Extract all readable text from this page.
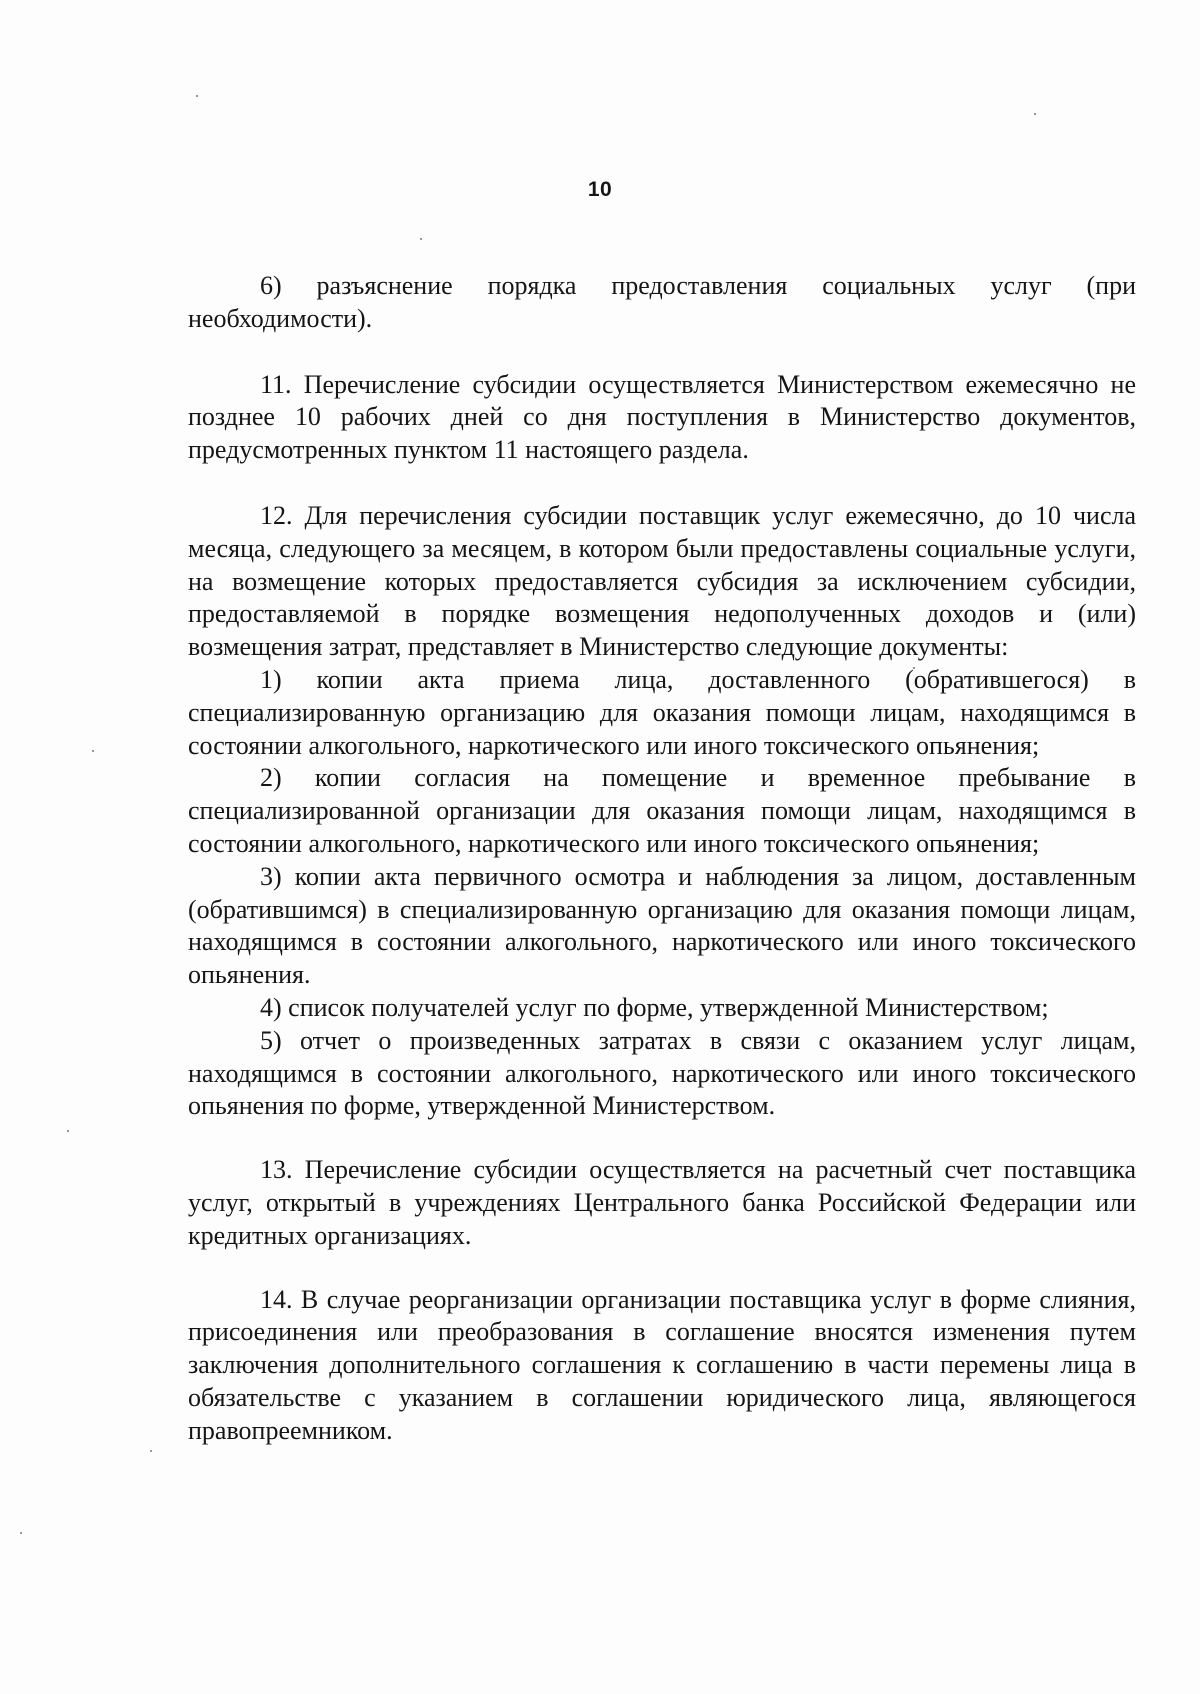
10

6) разъяснение порядка предоставления социальных услуг (при необходимости).

11. Перечисление субсидии осуществляется Министерством ежемесячно не позднее 10 рабочих дней со дня поступления в Министерство документов, предусмотренных пунктом 11 настоящего раздела.

12. Для перечисления субсидии поставщик услуг ежемесячно, до 10 числа месяца, следующего за месяцем, в котором были предоставлены социальные услуги, на возмещение которых предоставляется субсидия за исключением субсидии, предоставляемой в порядке возмещения недополученных доходов и (или) возмещения затрат, представляет в Министерство следующие документы:

1) копии акта приема лица, доставленного (обратившегося) в специализированную организацию для оказания помощи лицам, находящимся в состоянии алкогольного, наркотического или иного токсического опьянения;

2) копии согласия на помещение и временное пребывание в специализированной организации для оказания помощи лицам, находящимся в состоянии алкогольного, наркотического или иного токсического опьянения;

3) копии акта первичного осмотра и наблюдения за лицом, доставленным (обратившимся) в специализированную организацию для оказания помощи лицам, находящимся в состоянии алкогольного, наркотического или иного токсического опьянения.

4) список получателей услуг по форме, утвержденной Министерством;

5) отчет о произведенных затратах в связи с оказанием услуг лицам, находящимся в состоянии алкогольного, наркотического или иного токсического опьянения по форме, утвержденной Министерством.

13. Перечисление субсидии осуществляется на расчетный счет поставщика услуг, открытый в учреждениях Центрального банка Российской Федерации или кредитных организациях.

14. В случае реорганизации организации поставщика услуг в форме слияния, присоединения или преобразования в соглашение вносятся изменения путем заключения дополнительного соглашения к соглашению в части перемены лица в обязательстве с указанием в соглашении юридического лица, являющегося правопреемником.
